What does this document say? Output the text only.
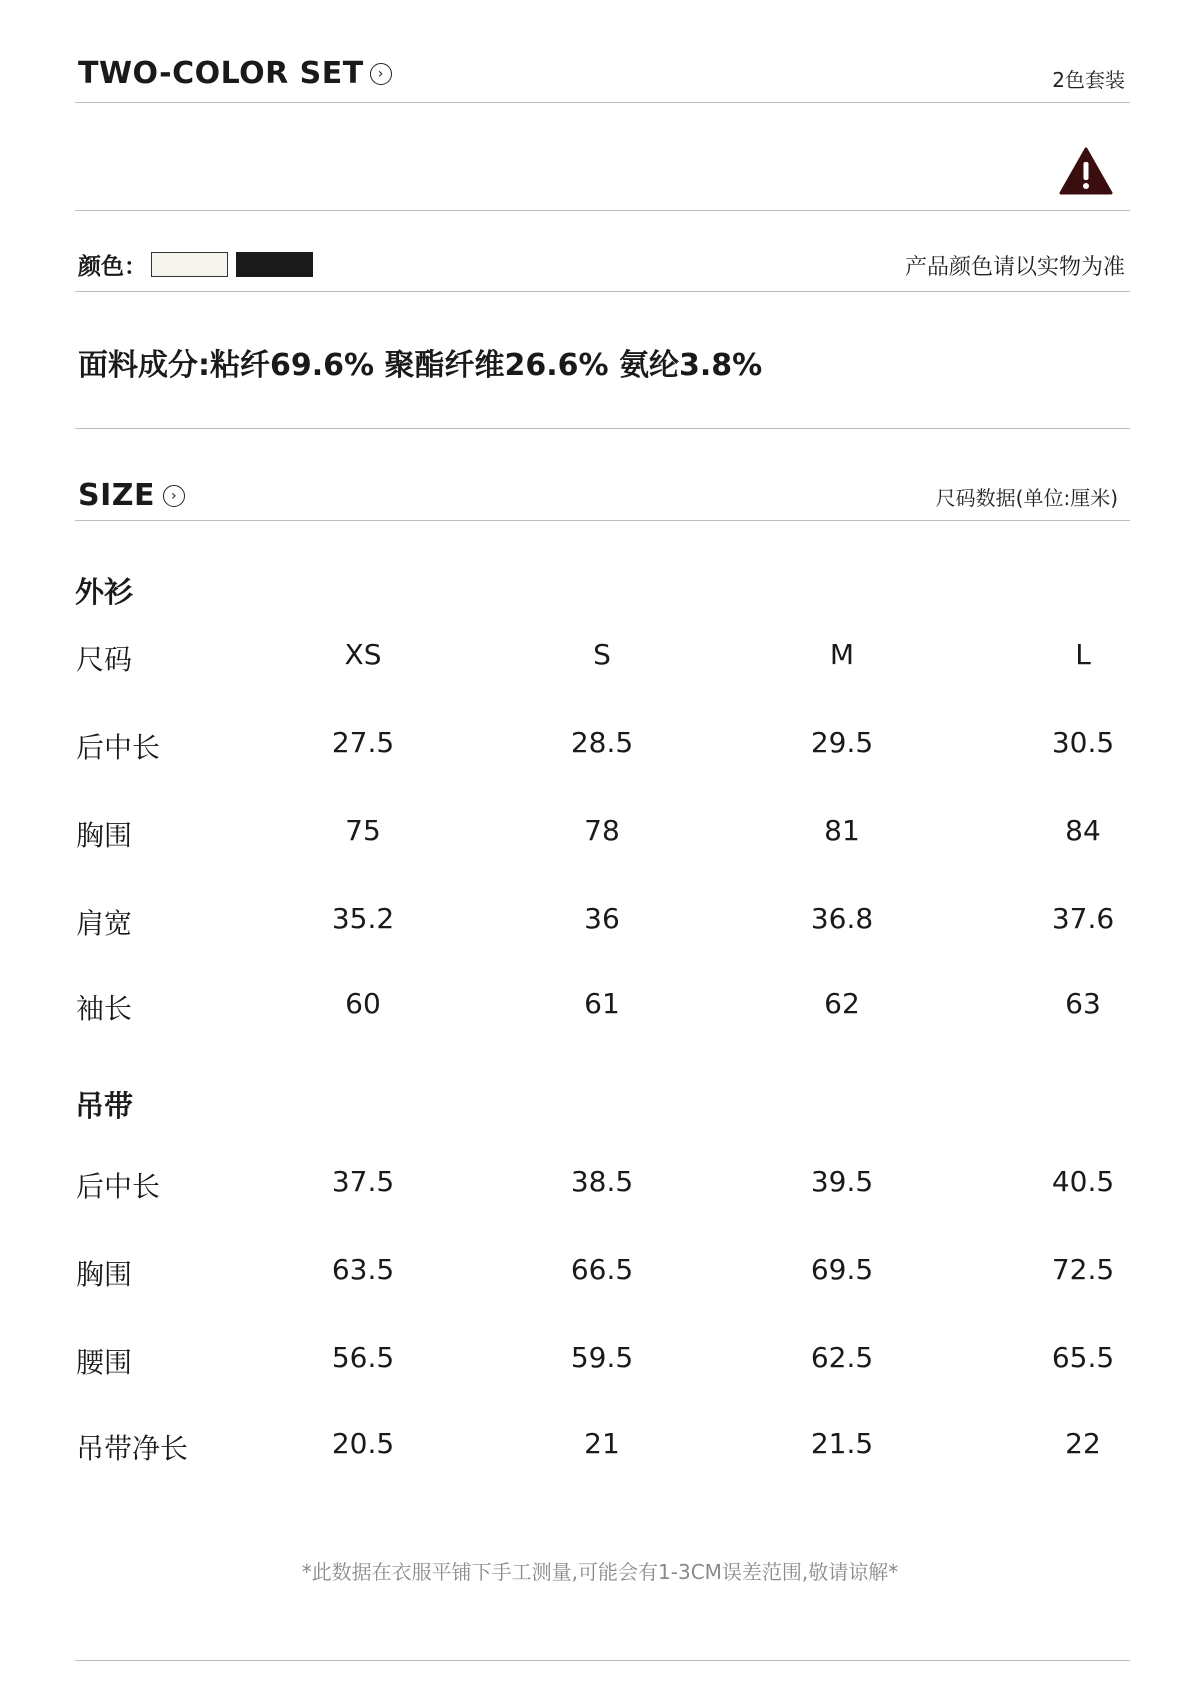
TWO-COLOR SET ›	2色套装
颜色：	产品颜色请以实物为准
面料成分:粘纤69.6% 聚酯纤维26.6% 氨纶3.8%
SIZE	›	尺码数据(单位:厘米)
外衫
尺码	XS	S	M	L
后中长	27.5	28.5	29.5	30.5
胸围	75	78	81	84
肩宽	35.2	36	36.8	37.6
袖长	60	61	62	63
吊带
后中长	37.5	38.5	39.5	40.5
胸围	63.5	66.5	69.5	72.5
腰围	56.5	59.5	62.5	65.5
吊带净长	20.5	21	21.5	22
*此数据在衣服平铺下手工测量,可能会有1-3CM误差范围,敬请谅解*
